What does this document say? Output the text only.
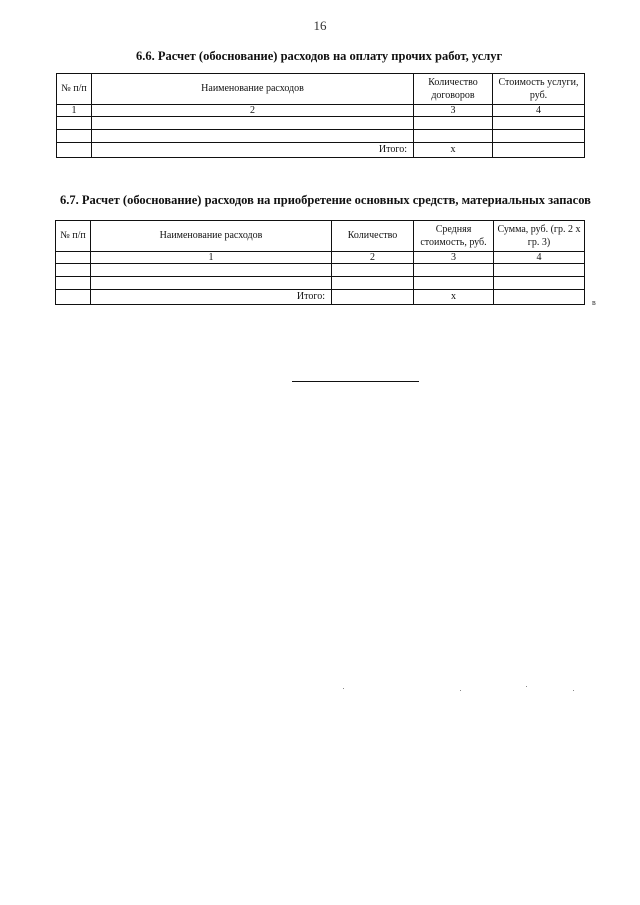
16
6.6. Расчет (обоснование) расходов на оплату прочих работ, услуг
№ п/п	Наименование расходов	Количество договоров	Стоимость услуги, руб.
1	2	3	4

	Итого:	x	
6.7. Расчет (обоснование) расходов на приобретение основных средств, материальных запасов
№ п/п	Наименование расходов	Количество	Средняя стоимость, руб.	Сумма, руб. (гр. 2 х гр. 3)
	1	2	3	4

	Итого:		x	
в
